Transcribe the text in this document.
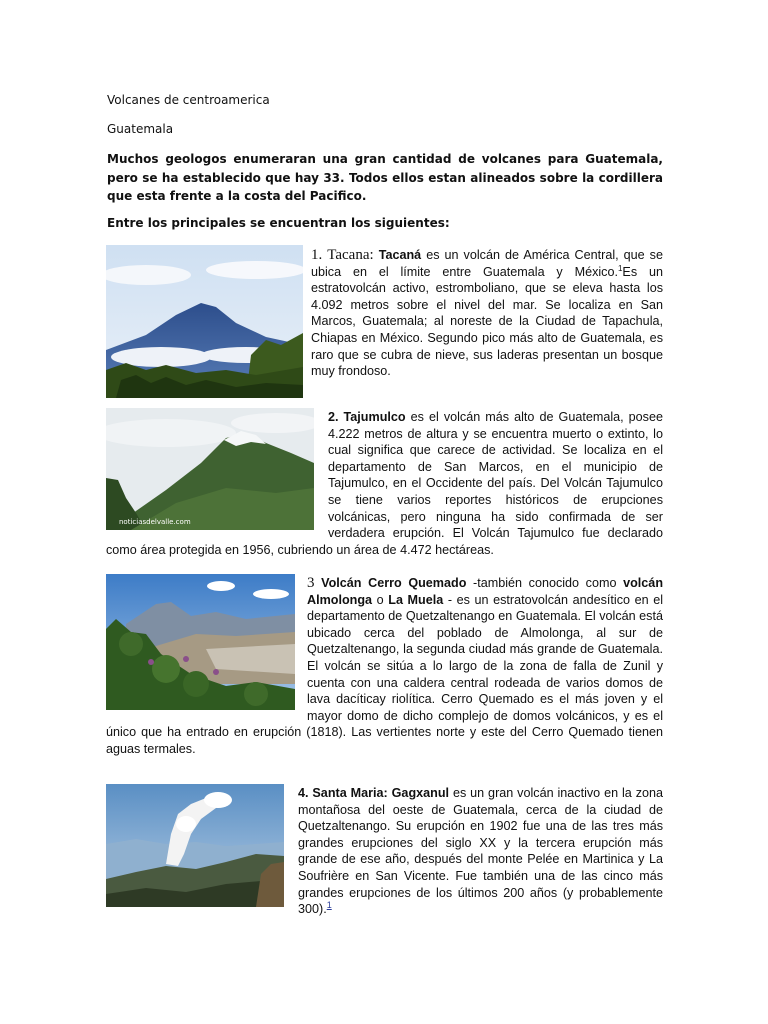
Volcanes de centroamerica

Guatemala

Muchos geologos enumeraran una gran cantidad de volcanes para Guatemala, pero se ha establecido que hay 33. Todos ellos estan alineados sobre la cordillera que esta frente a la costa del Pacifico.

Entre los principales se encuentran los siguientes:

1. Tacana: Tacaná es un volcán de América Central, que se ubica en el límite entre Guatemala y México.$^1$Es un estratovolcán activo, estromboliano, que se eleva hasta los 4.092 metros sobre el nivel del mar. Se localiza en San Marcos, Guatemala; al noreste de la Ciudad de Tapachula, Chiapas en México. Segundo pico más alto de Guatemala, es raro que se cubra de nieve, sus laderas presentan un bosque muy frondoso.

noticiasdelvalle.com

2. Tajumulco es el volcán más alto de Guatemala, posee 4.222 metros de altura y se encuentra muerto o extinto, lo cual significa que carece de actividad. Se localiza en el departamento de San Marcos, en el municipio de Tajumulco, en el Occidente del país. Del Volcán Tajumulco se tiene varios reportes históricos de erupciones volcánicas, pero ninguna ha sido confirmada de ser verdadera erupción. El Volcán Tajumulco fue declarado como área protegida en 1956, cubriendo un área de 4.472 hectáreas.

3 Volcán Cerro Quemado -también conocido como volcán Almolonga o La Muela - es un estratovolcán andesítico en el departamento de Quetzaltenango en Guatemala. El volcán está ubicado cerca del poblado de Almolonga, al sur de Quetzaltenango, la segunda ciudad más grande de Guatemala. El volcán se sitúa a lo largo de la zona de falla de Zunil y cuenta con una caldera central rodeada de varios domos de lava dacíticay riolítica. Cerro Quemado es el más joven y el mayor domo de dicho complejo de domos volcánicos, y es el único que ha entrado en erupción (1818). Las vertientes norte y este del Cerro Quemado tienen aguas termales.

4. Santa Maria: Gagxanul es un gran volcán inactivo en la zona montañosa del oeste de Guatemala, cerca de la ciudad de Quetzaltenango. Su erupción en 1902 fue una de las tres más grandes erupciones del siglo XX y la tercera erupción más grande de ese año, después del monte Pelée en Martinica y La Soufrière en San Vicente. Fue también una de las cinco más grandes erupciones de los últimos 200 años (y probablemente 300).$^1$
